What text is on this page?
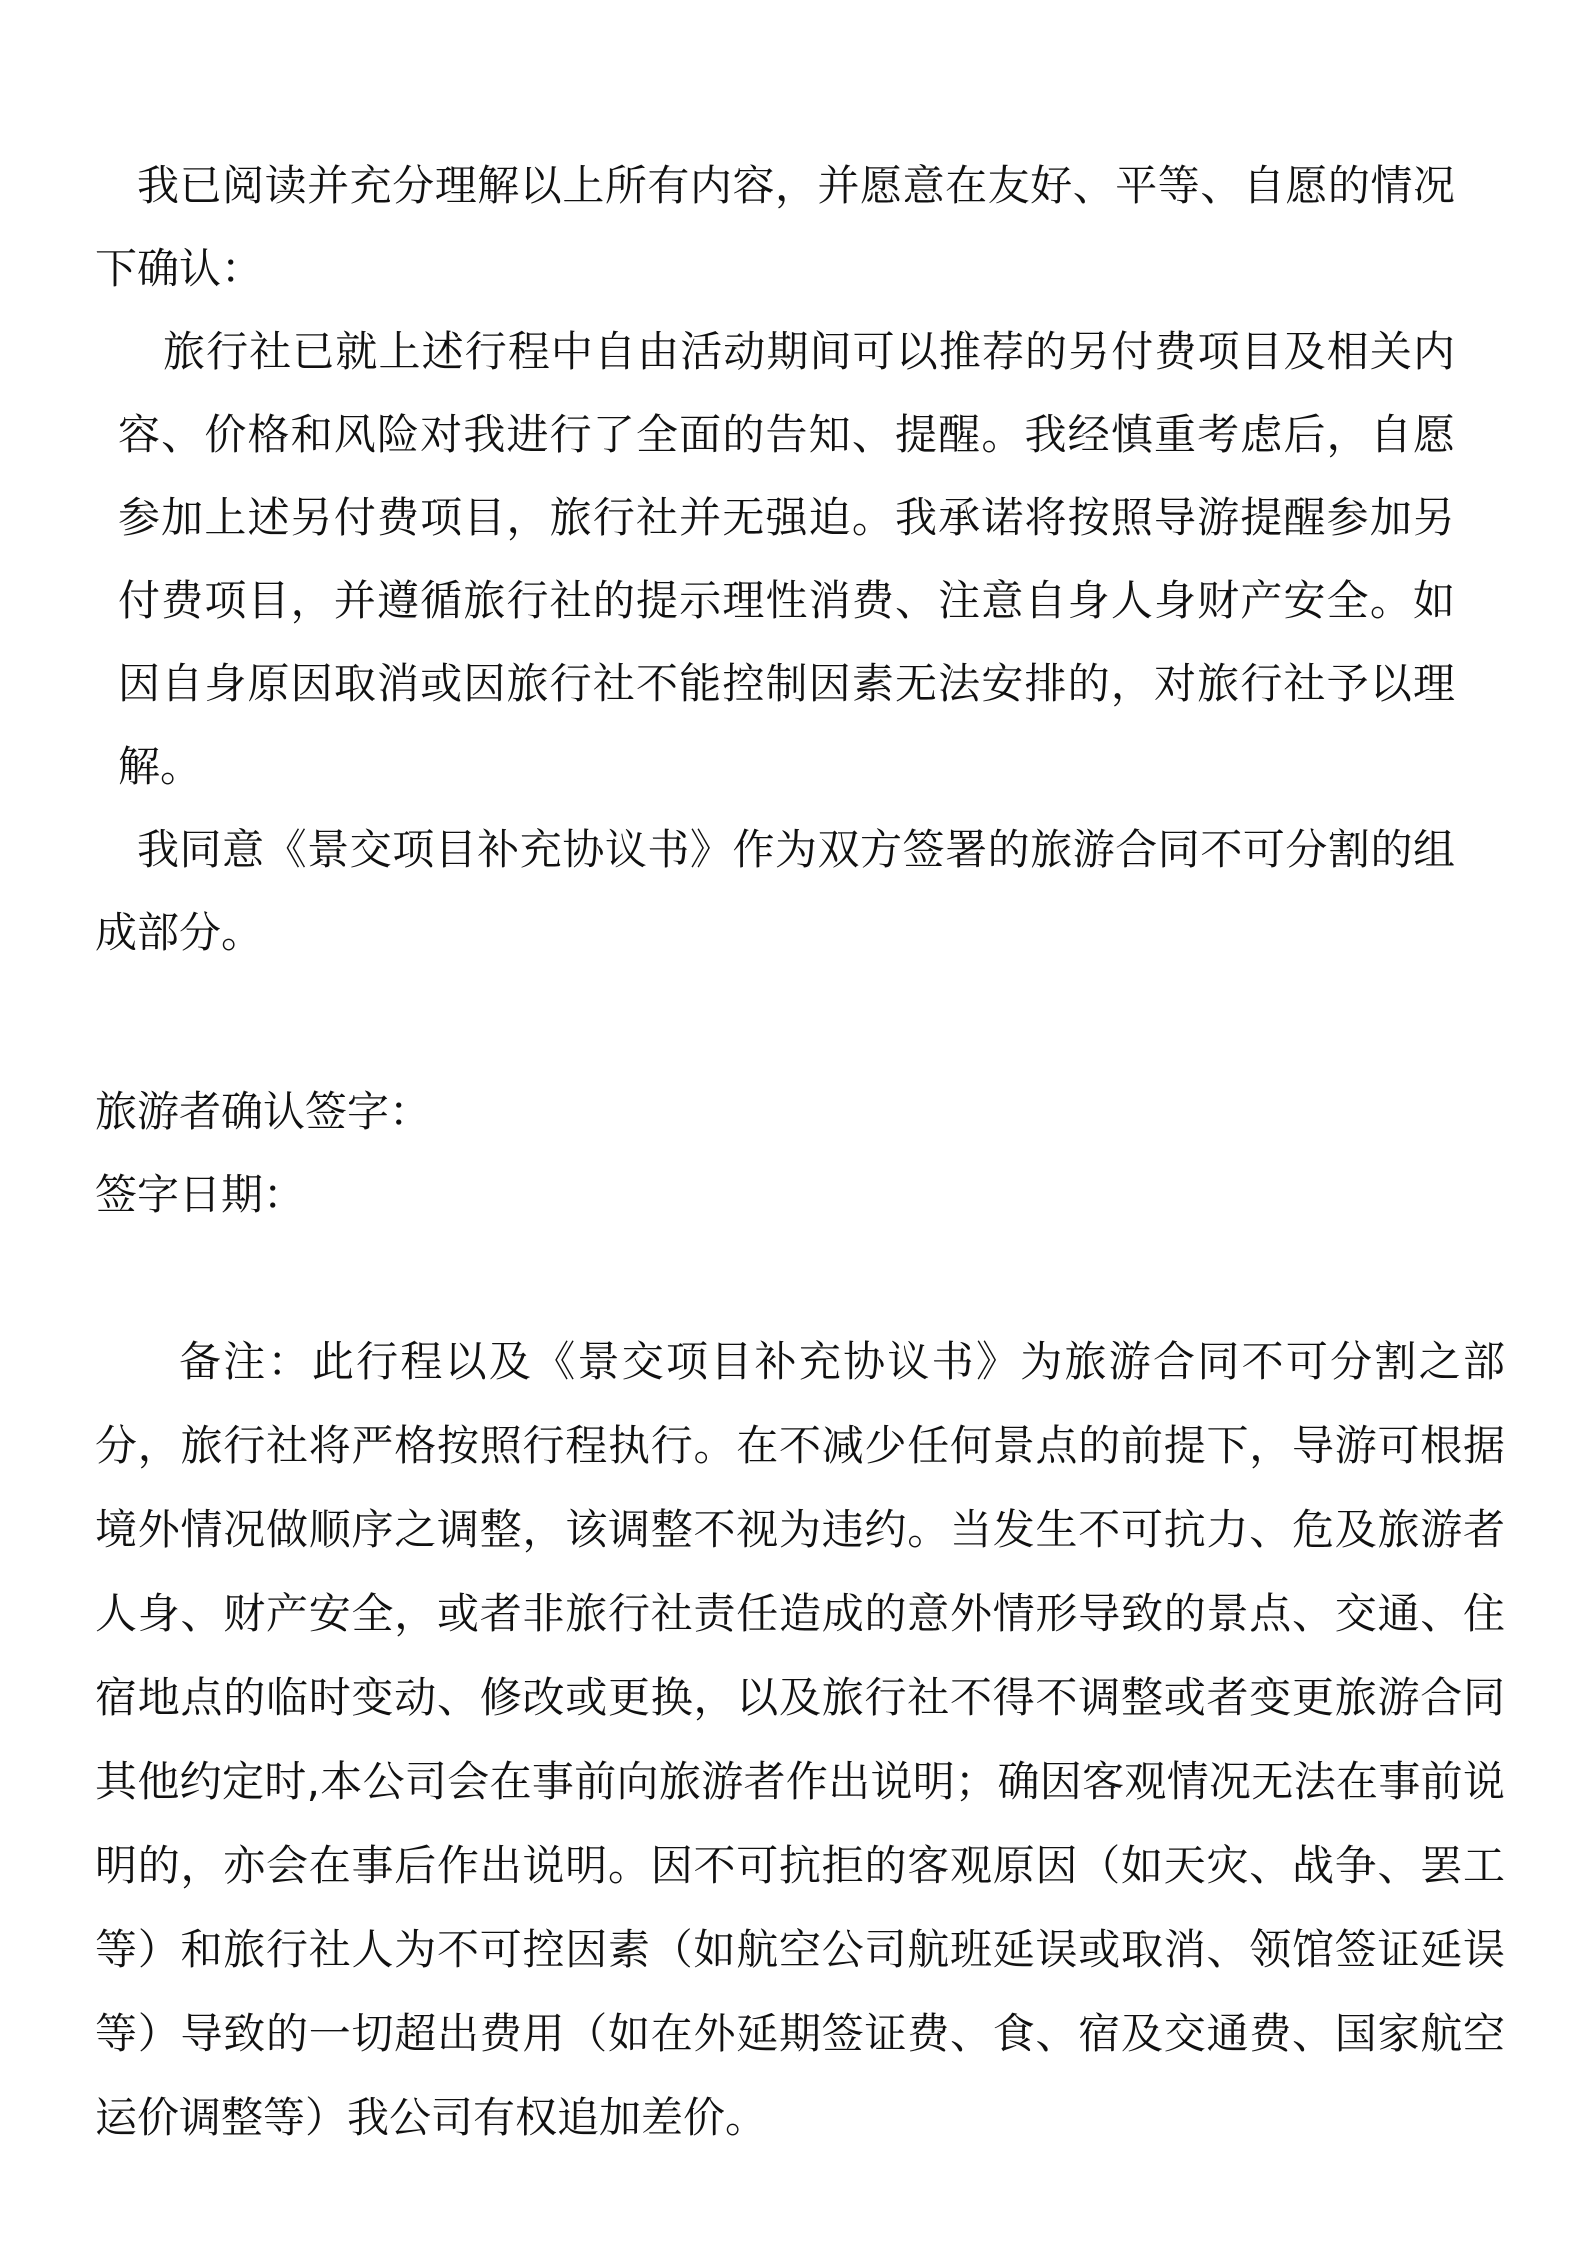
我已阅读并充分理解以上所有内容，并愿意在友好、平等、自愿的情况下确认：

旅行社已就上述行程中自由活动期间可以推荐的另付费项目及相关内容、价格和风险对我进行了全面的告知、提醒。我经慎重考虑后，自愿参加上述另付费项目，旅行社并无强迫。我承诺将按照导游提醒参加另付费项目，并遵循旅行社的提示理性消费、注意自身人身财产安全。如因自身原因取消或因旅行社不能控制因素无法安排的，对旅行社予以理解。

我同意《景交项目补充协议书》作为双方签署的旅游合同不可分割的组成部分。

旅游者确认签字：

签字日期：

备注：此行程以及《景交项目补充协议书》为旅游合同不可分割之部分，旅行社将严格按照行程执行。在不减少任何景点的前提下，导游可根据境外情况做顺序之调整，该调整不视为违约。当发生不可抗力、危及旅游者人身、财产安全，或者非旅行社责任造成的意外情形导致的景点、交通、住宿地点的临时变动、修改或更换，以及旅行社不得不调整或者变更旅游合同其他约定时,本公司会在事前向旅游者作出说明；确因客观情况无法在事前说明的，亦会在事后作出说明。因不可抗拒的客观原因（如天灾、战争、罢工等）和旅行社人为不可控因素（如航空公司航班延误或取消、领馆签证延误等）导致的一切超出费用（如在外延期签证费、食、宿及交通费、国家航空运价调整等）我公司有权追加差价。
